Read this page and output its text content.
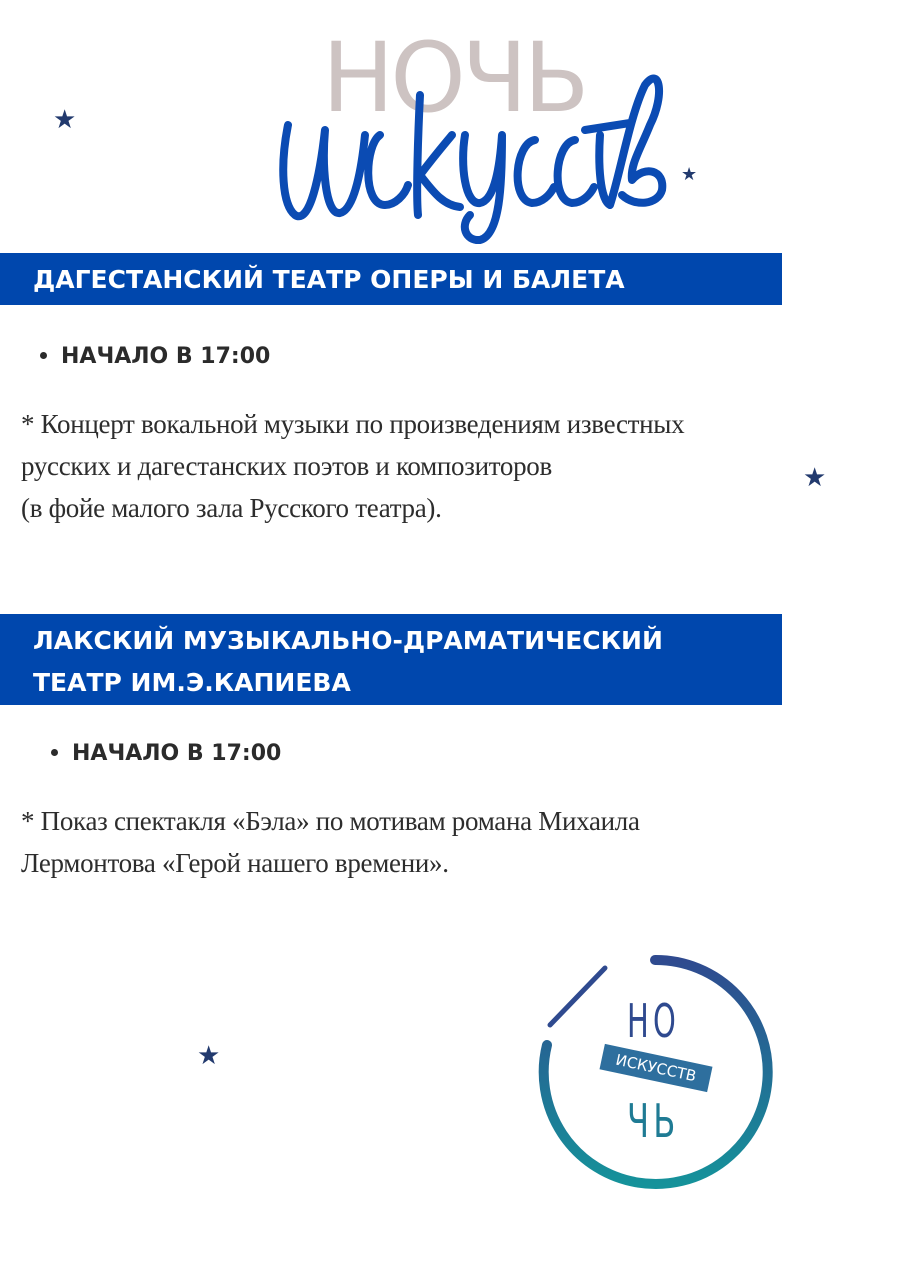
НОЧЬ
★
★
★
★
ДАГЕСТАНСКИЙ ТЕАТР ОПЕРЫ И БАЛЕТА
НАЧАЛО В 17:00
* Концерт вокальной музыки по произведениям известных
русских и дагестанских поэтов и композиторов
(в фойе малого зала Русского театра).
ЛАКСКИЙ МУЗЫКАЛЬНО-ДРАМАТИЧЕСКИЙ
ТЕАТР ИМ.Э.КАПИЕВА
НАЧАЛО В 17:00
* Показ спектакля «Бэла» по мотивам романа Михаила
Лермонтова «Герой нашего времени».
НО
ИСКУССТВ
ЧЬ
